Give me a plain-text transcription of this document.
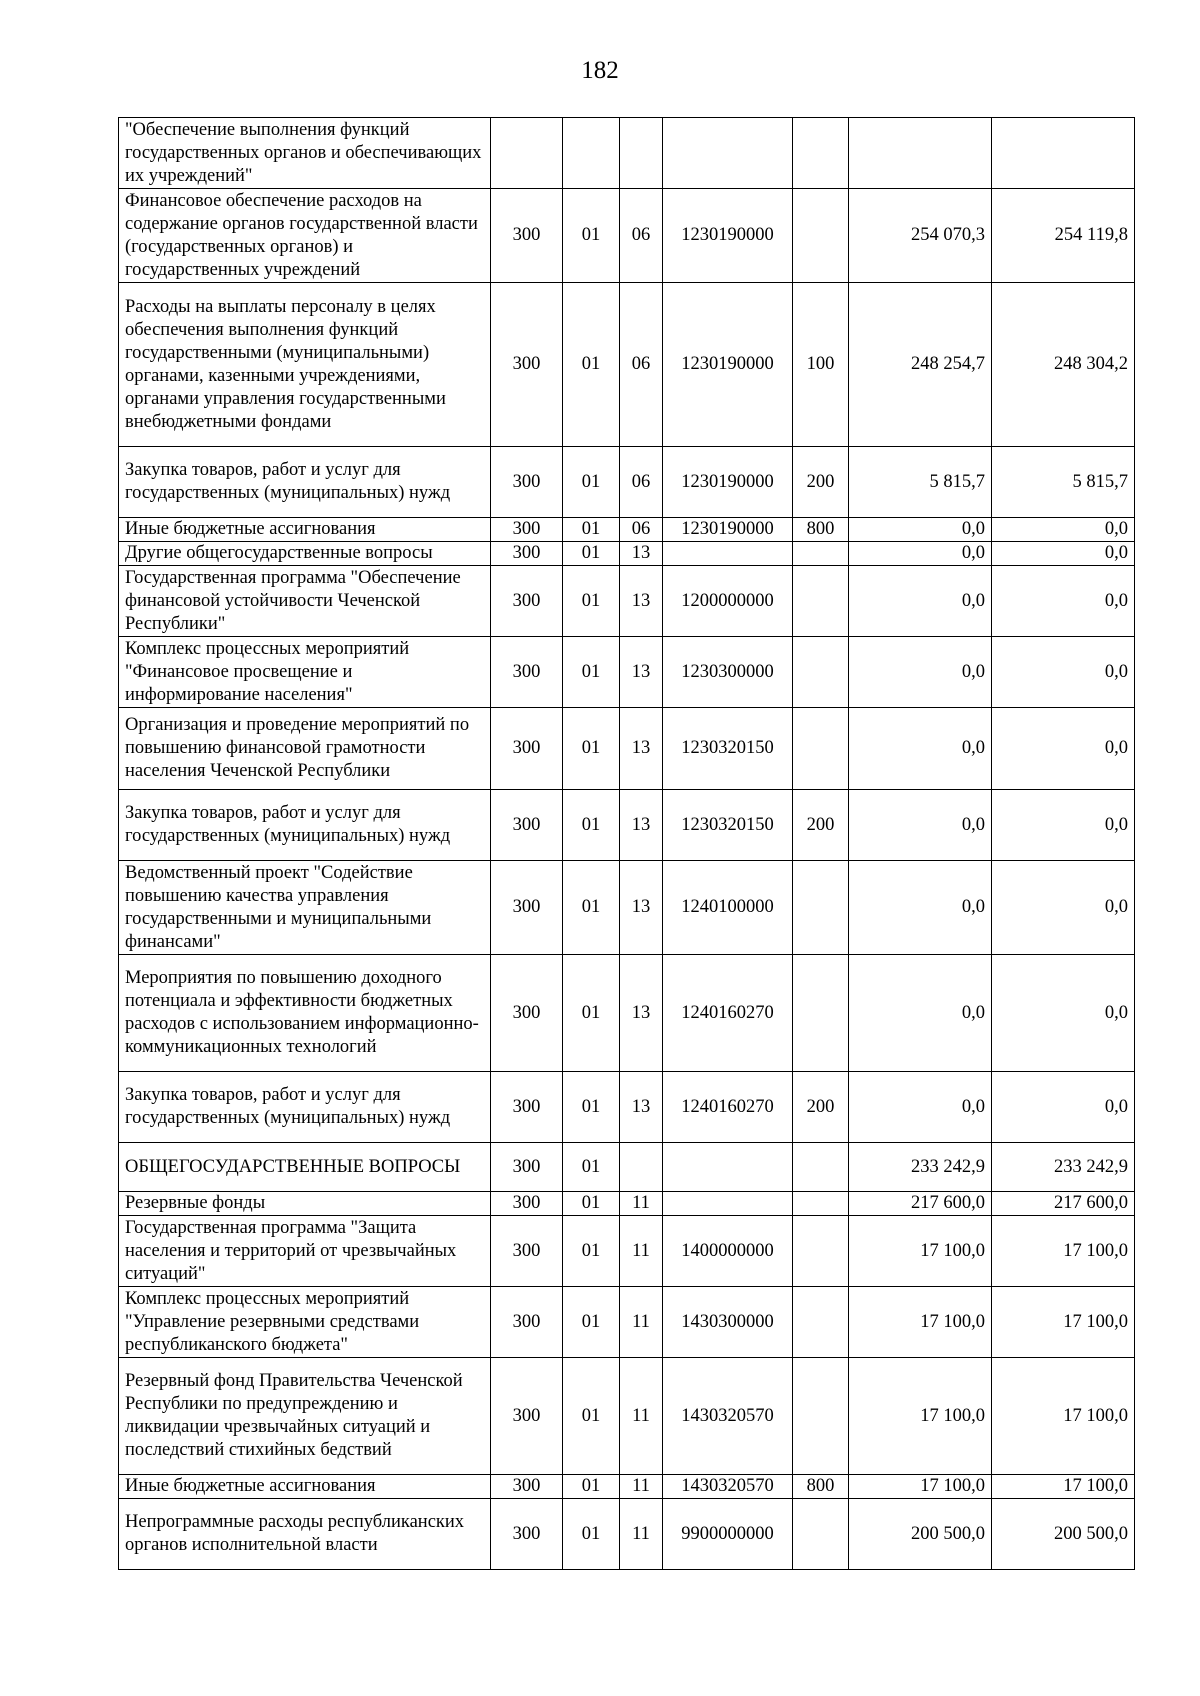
182
"Обеспечение выполнения функций государственных органов и обеспечивающих их учреждений"							
Финансовое обеспечение расходов на содержание органов государственной власти (государственных органов) и государственных учреждений	300	01	06	1230190000		254 070,3	254 119,8
Расходы на выплаты персоналу в целях обеспечения выполнения функций государственными (муниципальными) органами, казенными учреждениями, органами управления государственными внебюджетными фондами	300	01	06	1230190000	100	248 254,7	248 304,2
Закупка товаров, работ и услуг для государственных (муниципальных) нужд	300	01	06	1230190000	200	5 815,7	5 815,7
Иные бюджетные ассигнования	300	01	06	1230190000	800	0,0	0,0
Другие общегосударственные вопросы	300	01	13			0,0	0,0
Государственная программа "Обеспечение финансовой устойчивости Чеченской Республики"	300	01	13	1200000000		0,0	0,0
Комплекс процессных мероприятий "Финансовое просвещение и информирование населения"	300	01	13	1230300000		0,0	0,0
Организация и проведение мероприятий по повышению финансовой грамотности населения Чеченской Республики	300	01	13	1230320150		0,0	0,0
Закупка товаров, работ и услуг для государственных (муниципальных) нужд	300	01	13	1230320150	200	0,0	0,0
Ведомственный проект "Содействие повышению качества управления государственными и муниципальными финансами"	300	01	13	1240100000		0,0	0,0
Мероприятия по повышению доходного потенциала и эффективности бюджетных расходов с использованием информационно-коммуникационных технологий	300	01	13	1240160270		0,0	0,0
Закупка товаров, работ и услуг для государственных (муниципальных) нужд	300	01	13	1240160270	200	0,0	0,0
ОБЩЕГОСУДАРСТВЕННЫЕ ВОПРОСЫ	300	01				233 242,9	233 242,9
Резервные фонды	300	01	11			217 600,0	217 600,0
Государственная программа "Защита населения и территорий от чрезвычайных ситуаций"	300	01	11	1400000000		17 100,0	17 100,0
Комплекс процессных мероприятий "Управление резервными средствами республиканского бюджета"	300	01	11	1430300000		17 100,0	17 100,0
Резервный фонд Правительства Чеченской Республики по предупреждению и ликвидации чрезвычайных ситуаций и последствий стихийных бедствий	300	01	11	1430320570		17 100,0	17 100,0
Иные бюджетные ассигнования	300	01	11	1430320570	800	17 100,0	17 100,0
Непрограммные расходы республиканских органов исполнительной власти	300	01	11	9900000000		200 500,0	200 500,0
